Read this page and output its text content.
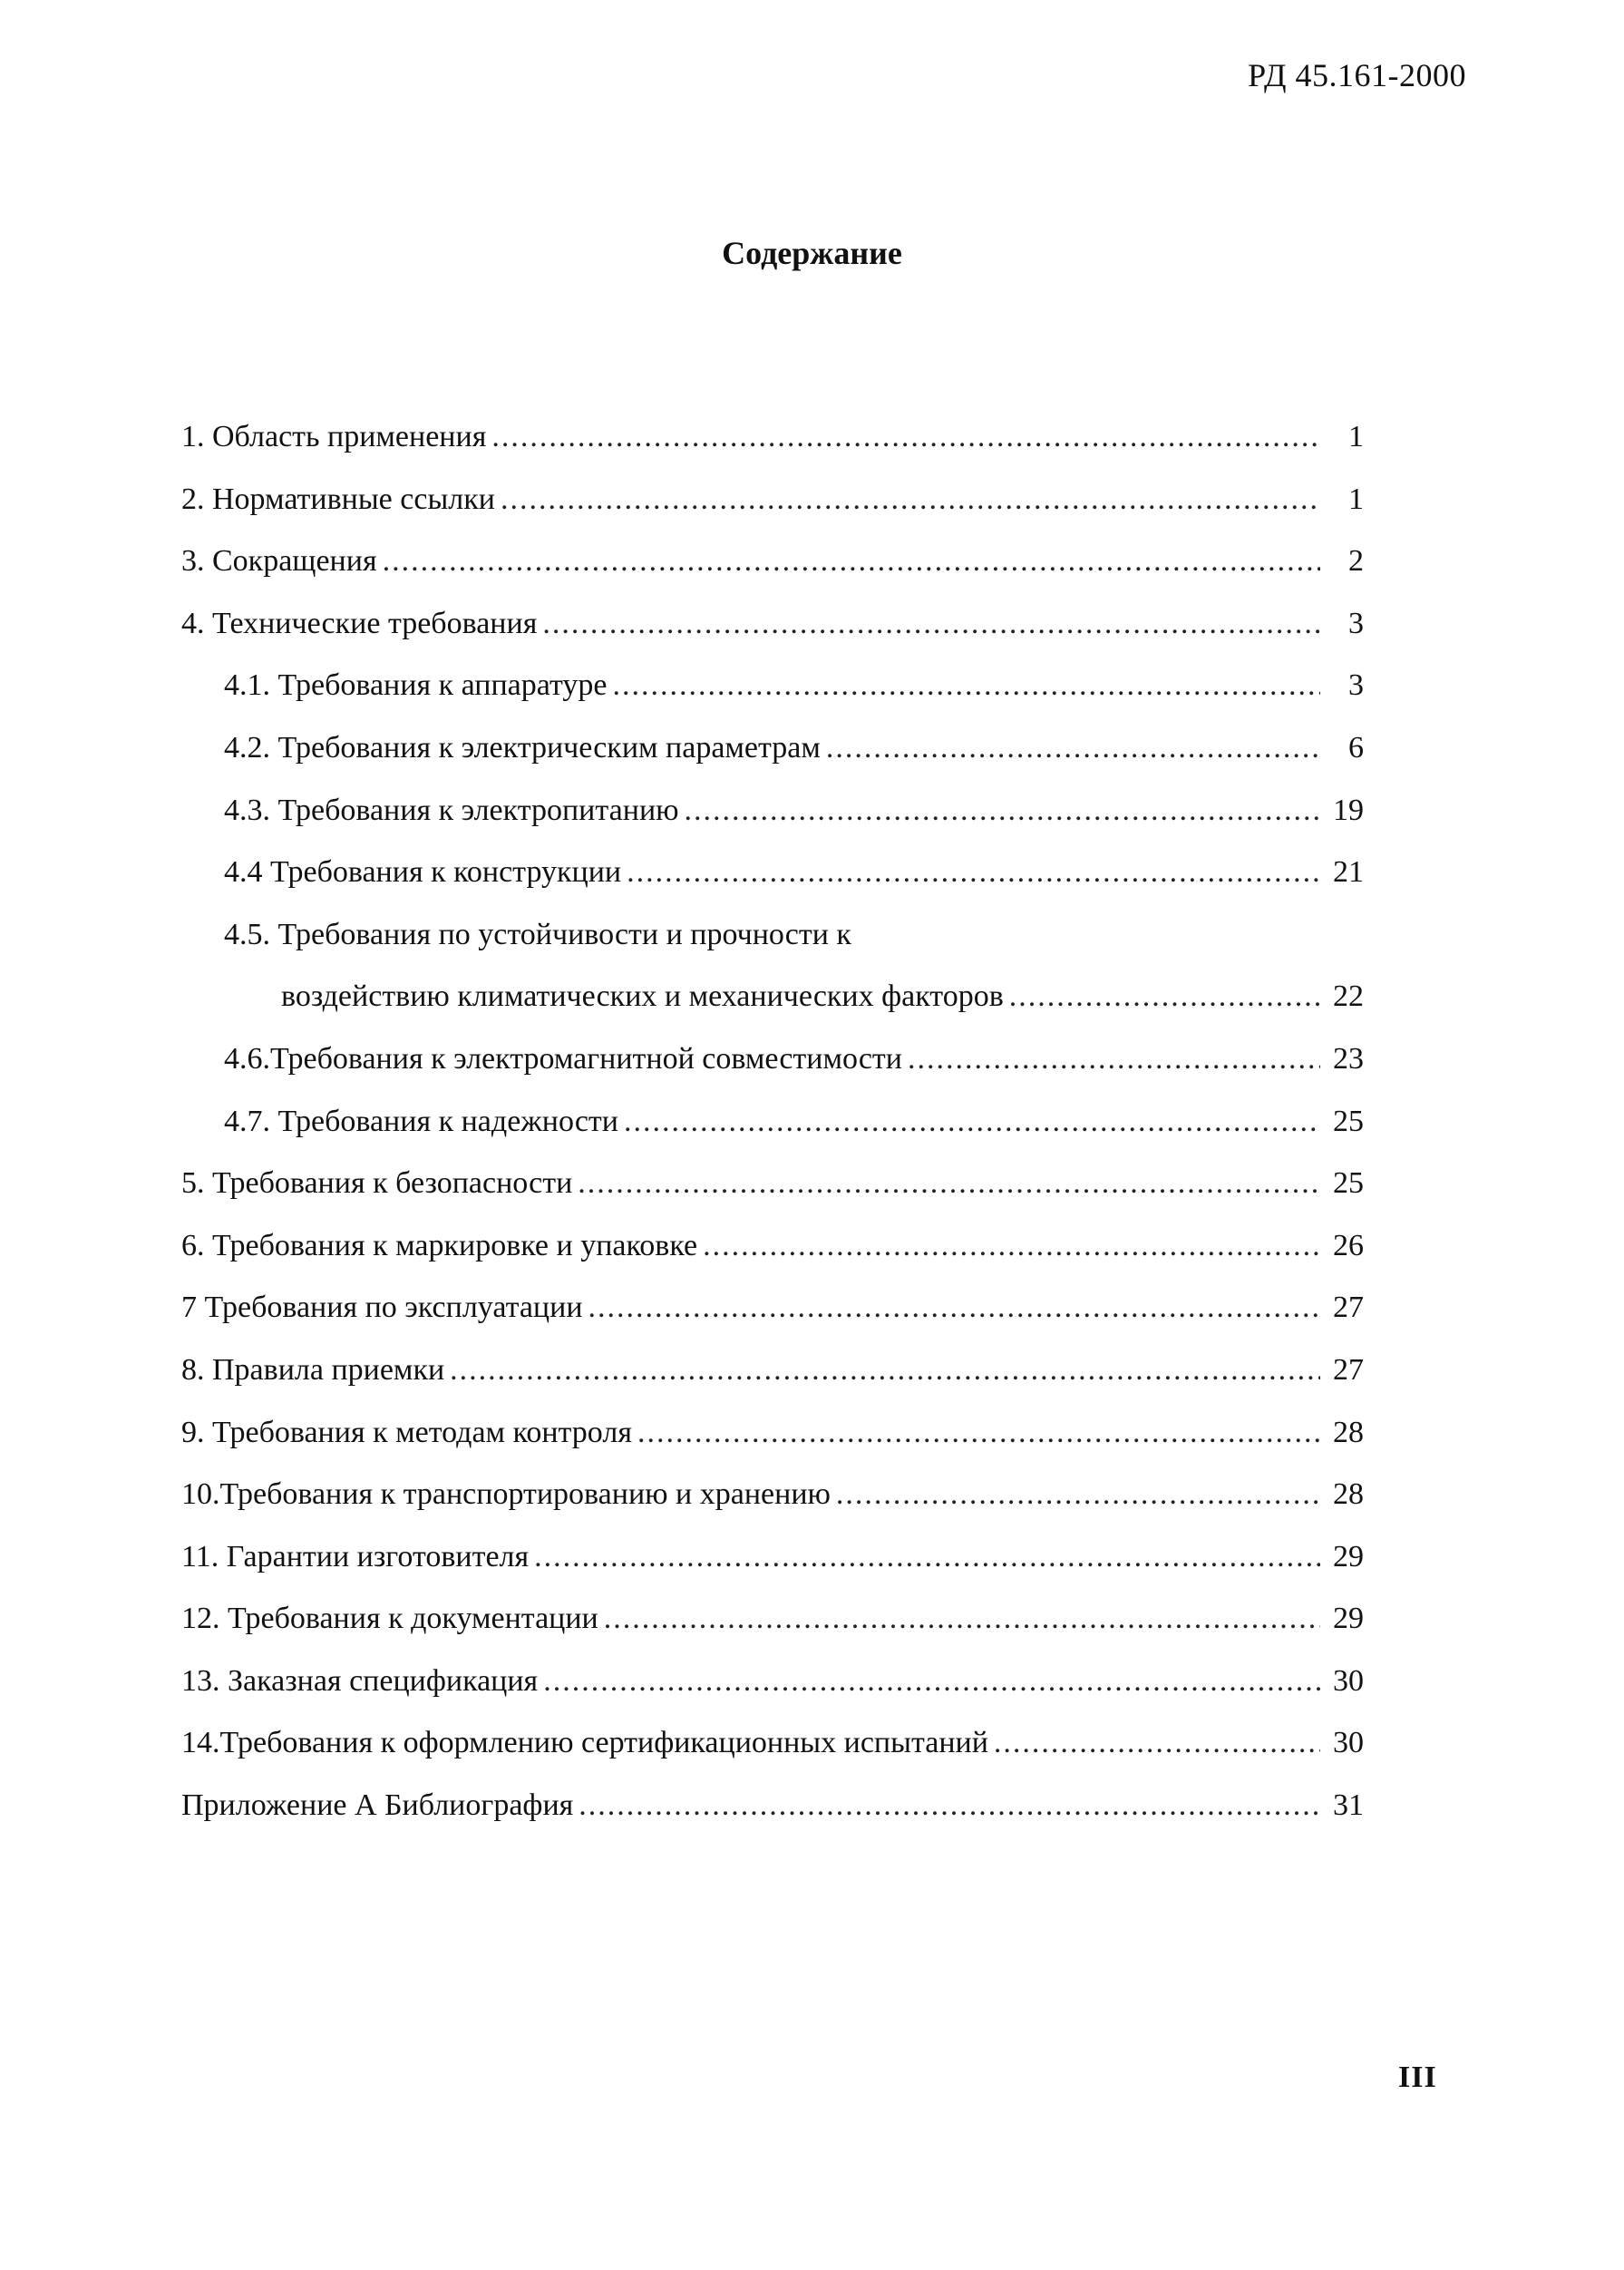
РД 45.161-2000
Содержание
1. Область применения .....	1
2. Нормативные ссылки .....	1
3. Сокращения .....	2
4. Технические требования .....	3
4.1. Требования к аппаратуре .....	3
4.2. Требования к электрическим параметрам .....	6
4.3. Требования к электропитанию .....	19
4.4 Требования к конструкции .....	21
4.5. Требования по устойчивости и прочности к
воздействию климатических и механических факторов .....	22
4.6.Требования к электромагнитной совместимости .....	23
4.7. Требования к надежности .....	25
5. Требования к безопасности .....	25
6. Требования к маркировке и упаковке .....	26
7 Требования по эксплуатации .....	27
8. Правила приемки .....	27
9. Требования к методам контроля .....	28
10.Требования к транспортированию и хранению .....	28
11. Гарантии изготовителя .....	29
12. Требования к документации .....	29
13. Заказная спецификация .....	30
14.Требования к оформлению сертификационных испытаний .....	30
Приложение А Библиография .....	31
III
